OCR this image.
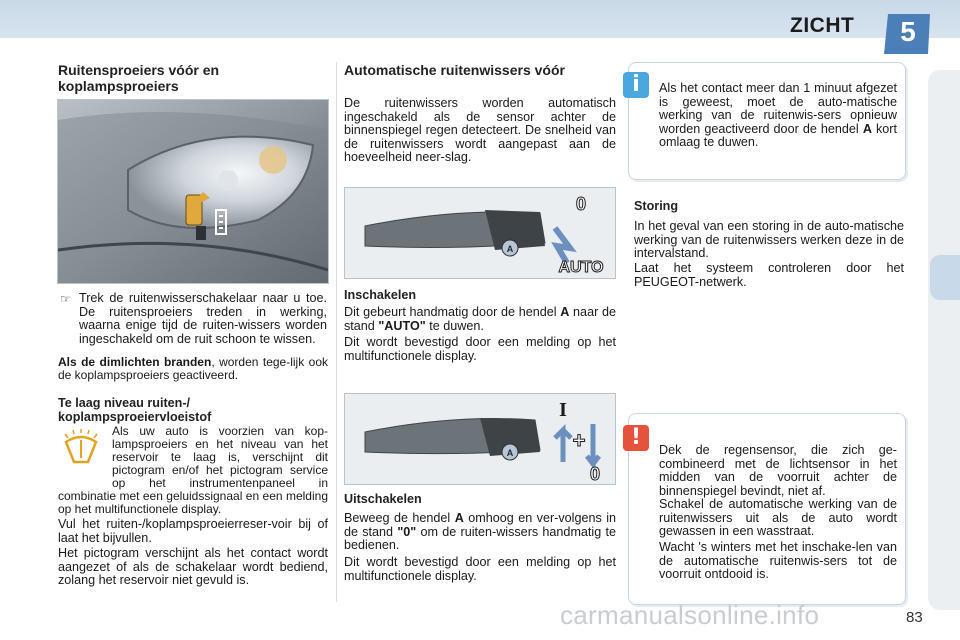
ZICHT	5
Ruitensproeiers vóór en koplampsproeiers
☞ Trek de ruitenwisserschakelaar naar u toe. De ruitensproeiers treden in werking, waarna enige tijd de ruiten-wissers worden ingeschakeld om de ruit schoon te wissen.

Als de dimlichten branden, worden tege-lijk ook de koplampsproeiers geactiveerd.

Te laag niveau ruiten-/ koplampsproeiervloeistof

Als uw auto is voorzien van kop-lampsproeiers en het niveau van het reservoir te laag is, verschijnt dit pictogram en/of het pictogram service op het instrumentenpaneel in combinatie met een geluidssignaal en een melding op het multifunctionele display.

Vul het ruiten-/koplampsproeierreser-voir bij of laat het bijvullen.

Het pictogram verschijnt als het contact wordt aangezet of als de schakelaar wordt bediend, zolang het reservoir niet gevuld is.

Automatische ruitenwissers vóór

De ruitenwissers worden automatisch ingeschakeld als de sensor achter de binnenspiegel regen detecteert. De snelheid van de ruitenwissers wordt aangepast aan de hoeveelheid neer-slag.

A
0
AUTO
Inschakelen

Dit gebeurt handmatig door de hendel A naar de stand "AUTO" te duwen.

Dit wordt bevestigd door een melding op het multifunctionele display.

A
I
+
0
Uitschakelen

Beweeg de hendel A omhoog en ver-volgens in de stand "0" om de ruiten-wissers handmatig te bedienen.

Dit wordt bevestigd door een melding op het multifunctionele display.

i	Als het contact meer dan 1 minuut afgezet is geweest, moet de auto-matische werking van de ruitenwis-sers opnieuw worden geactiveerd door de hendel A kort omlaag te duwen.

Storing

In het geval van een storing in de auto-matische werking van de ruitenwissers werken deze in de intervalstand.

Laat het systeem controleren door het PEUGEOT-netwerk.

!	Dek de regensensor, die zich ge-combineerd met de lichtsensor in het midden van de voorruit achter de binnenspiegel bevindt, niet af.

Schakel de automatische werking van de ruitenwissers uit als de auto wordt gewassen in een wasstraat.

Wacht 's winters met het inschake-len van de automatische ruitenwis-sers tot de voorruit ontdooid is.

carmanualsonline.info	83
